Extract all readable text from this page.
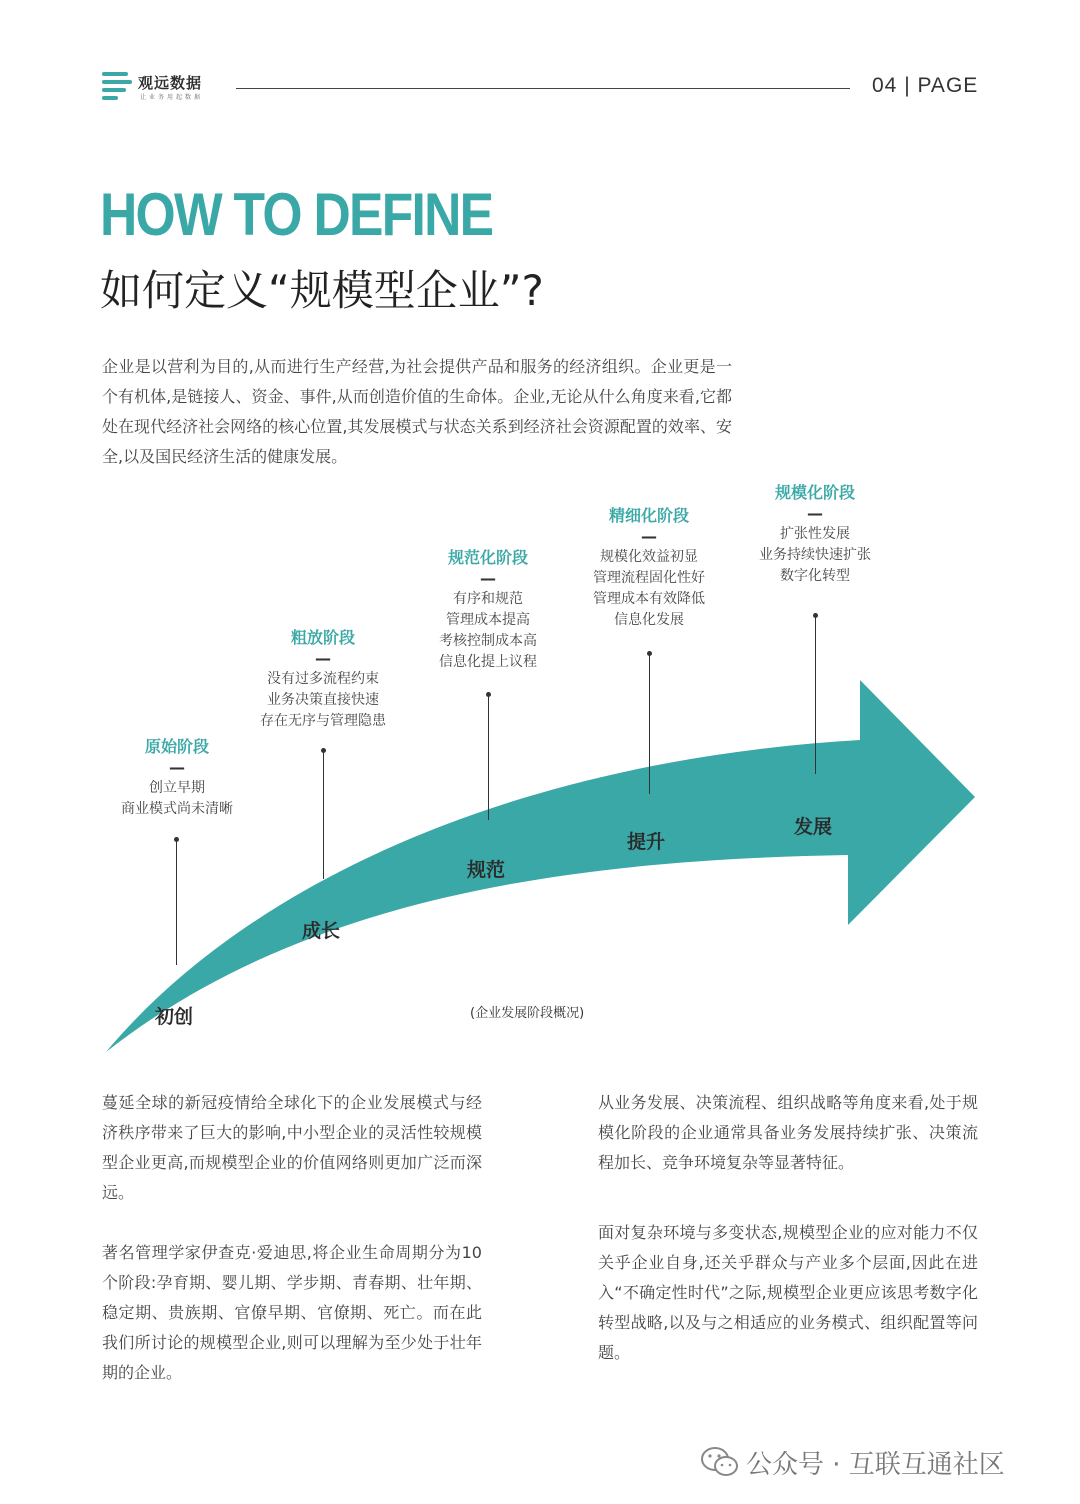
观远数据
让业务用起数据
04 | PAGE
HOW TO DEFINE
如何定义“规模型企业”?
企业是以营利为目的,从而进行生产经营,为社会提供产品和服务的经济组织。企业更是一个有机体,是链接人、资金、事件,从而创造价值的生命体。企业,无论从什么角度来看,它都处在现代经济社会网络的核心位置,其发展模式与状态关系到经济社会资源配置的效率、安全,以及国民经济生活的健康发展。
原始阶段
—
创立早期
商业模式尚未清晰
初创
粗放阶段
—
没有过多流程约束
业务决策直接快速
存在无序与管理隐患
成长
规范化阶段
—
有序和规范
管理成本提高
考核控制成本高
信息化提上议程
规范
精细化阶段
—
规模化效益初显
管理流程固化性好
管理成本有效降低
信息化发展
提升
规模化阶段
—
扩张性发展
业务持续快速扩张
数字化转型
发展
(企业发展阶段概况)

蔓延全球的新冠疫情给全球化下的企业发展模式与经济秩序带来了巨大的影响,中小型企业的灵活性较规模型企业更高,而规模型企业的价值网络则更加广泛而深远。

著名管理学家伊查克·爱迪思,将企业生命周期分为10个阶段:孕育期、婴儿期、学步期、青春期、壮年期、稳定期、贵族期、官僚早期、官僚期、死亡。而在此我们所讨论的规模型企业,则可以理解为至少处于壮年期的企业。

从业务发展、决策流程、组织战略等角度来看,处于规模化阶段的企业通常具备业务发展持续扩张、决策流程加长、竞争环境复杂等显著特征。

面对复杂环境与多变状态,规模型企业的应对能力不仅关乎企业自身,还关乎群众与产业多个层面,因此在进入“不确定性时代”之际,规模型企业更应该思考数字化转型战略,以及与之相适应的业务模式、组织配置等问题。

公众号 · 互联互通社区
